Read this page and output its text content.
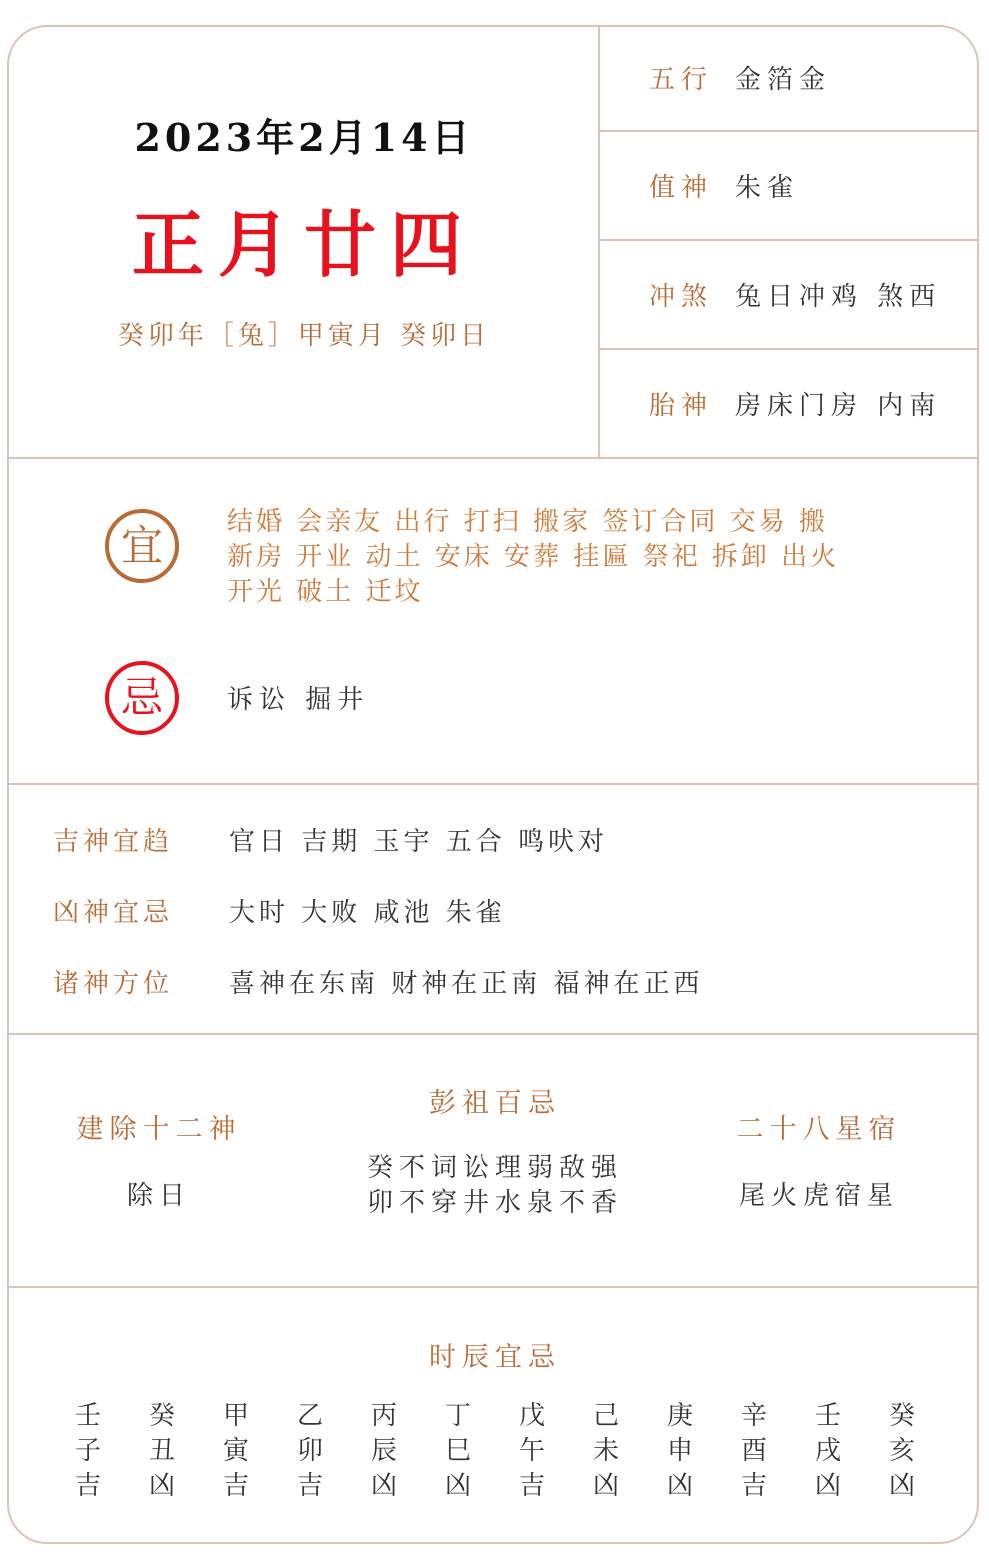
2023年2月14日
正月廿四
癸卯年［兔］甲寅月 癸卯日
五行 金箔金
值神 朱雀
冲煞 兔日冲鸡 煞西
胎神 房床门房 内南
宜	结婚 会亲友 出行 打扫 搬家 签订合同 交易 搬
新房 开业 动土 安床 安葬 挂匾 祭祀 拆卸 出火
开光 破土 迁坟
忌	诉讼 掘井
吉神宜趋 官日 吉期 玉宇 五合 鸣吠对
凶神宜忌 大时 大败 咸池 朱雀
诸神方位 喜神在东南 财神在正南 福神在正西
建除十二神
除日
彭祖百忌
癸不词讼理弱敌强
卯不穿井水泉不香
二十八星宿
尾火虎宿星
时辰宜忌
壬
子
吉
癸
丑
凶
甲
寅
吉
乙
卯
吉
丙
辰
凶
丁
巳
凶
戊
午
吉
己
未
凶
庚
申
凶
辛
酉
吉
壬
戌
凶
癸
亥
凶
